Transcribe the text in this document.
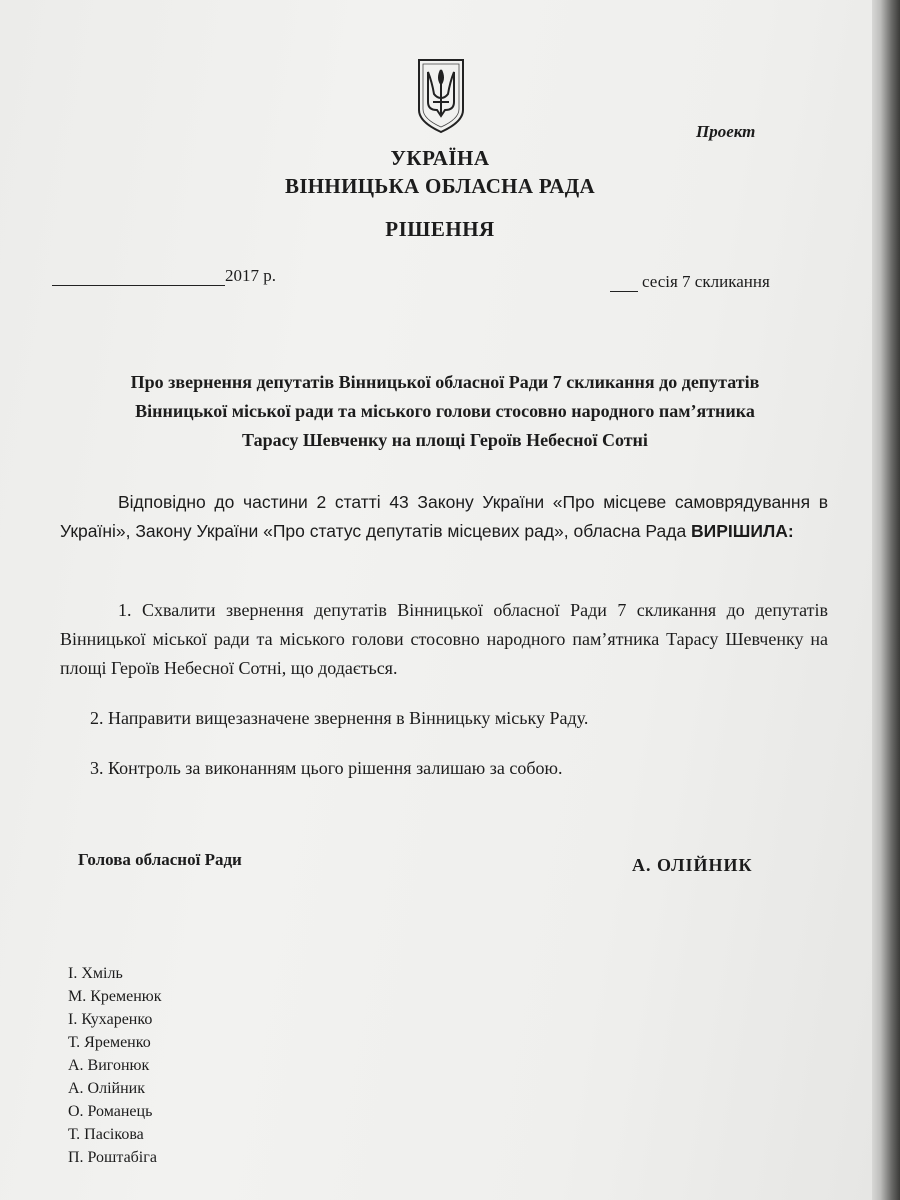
Проект
УКРАЇНА
ВІННИЦЬКА ОБЛАСНА РАДА
РІШЕННЯ
2017 р.	сесія 7 скликання
Про звернення депутатів Вінницької обласної Ради 7 скликання до депутатів
Вінницької міської ради та міського голови стосовно народного пам’ятника
Тарасу Шевченку на площі Героїв Небесної Сотні
Відповідно до частини 2 статті 43 Закону України «Про місцеве самоврядування в Україні», Закону України «Про статус депутатів місцевих рад», обласна Рада ВИРІШИЛА:
1. Схвалити звернення депутатів Вінницької обласної Ради 7 скликання до депутатів Вінницької міської ради та міського голови стосовно народного пам’ятника Тарасу Шевченку на площі Героїв Небесної Сотні, що додається.
2. Направити вищезазначене звернення в Вінницьку міську Раду.
3. Контроль за виконанням цього рішення залишаю за собою.
Голова обласної Ради	А. ОЛІЙНИК
І. Хміль
М. Кременюк
І. Кухаренко
Т. Яременко
А. Вигонюк
А. Олійник
О. Романець
Т. Пасікова
П. Роштабіга
